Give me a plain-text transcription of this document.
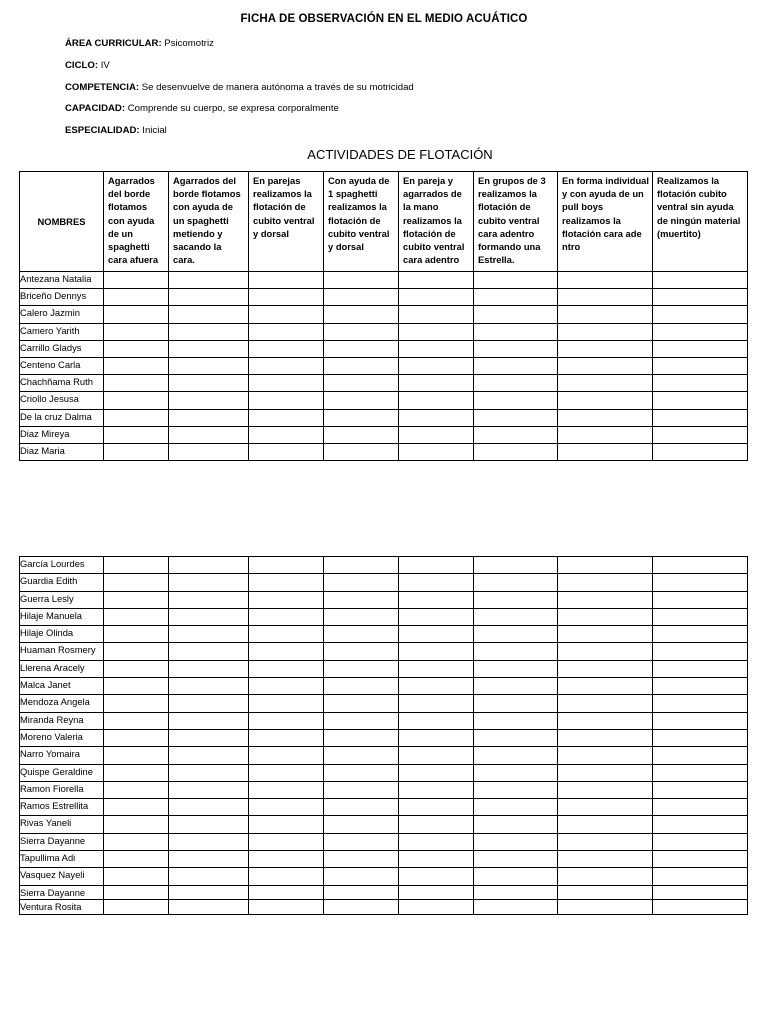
FICHA DE OBSERVACIÓN EN EL MEDIO ACUÁTICO
ÁREA CURRICULAR: Psicomotriz
CICLO: IV
COMPETENCIA: Se desenvuelve de manera autónoma a través de su motricidad
CAPACIDAD: Comprende su cuerpo, se expresa corporalmente
ESPECIALIDAD: Inicial
ACTIVIDADES DE FLOTACIÓN
NOMBRES	Agarrados del borde flotamos con ayuda de un spaghetti cara afuera	Agarrados del borde flotamos con ayuda de un spaghetti metiendo y sacando la cara.	En parejas realizamos la flotación de cubito ventral y dorsal	Con ayuda de 1 spaghetti realizamos la flotación de cubito ventral y dorsal	En pareja y agarrados de la mano realizamos la flotación de cubito ventral cara adentro	En grupos de 3 realizamos la flotación de cubito ventral cara adentro formando una Estrella.	En forma individual y con ayuda de un pull boys realizamos la flotación cara ade ntro	Realizamos la flotación cubito ventral sin ayuda de ningún material (muertito)
Antezana Natalia								
Briceño Dennys								
Calero Jazmin								
Camero Yarith								
Carrillo Gladys								
Centeno Carla								
Chachñama Ruth								
Criollo Jesusa								
De la cruz Dalma								
Diaz Mireya								
Diaz Maria								
García Lourdes								
Guardia Edith								
Guerra Lesly								
Hilaje Manuela								
Hilaje Olinda								
Huaman Rosmery								
Llerena Aracely								
Malca Janet								
Mendoza Angela								
Miranda Reyna								
Moreno Valeria								
Narro Yomaira								
Quispe Geraldine								
Ramon Fiorella								
Ramos Estrellita								
Rivas Yaneli								
Sierra Dayanne								
Tapullima Adi								
Vasquez Nayeli								
Sierra Dayanne								
Ventura Rosita								
